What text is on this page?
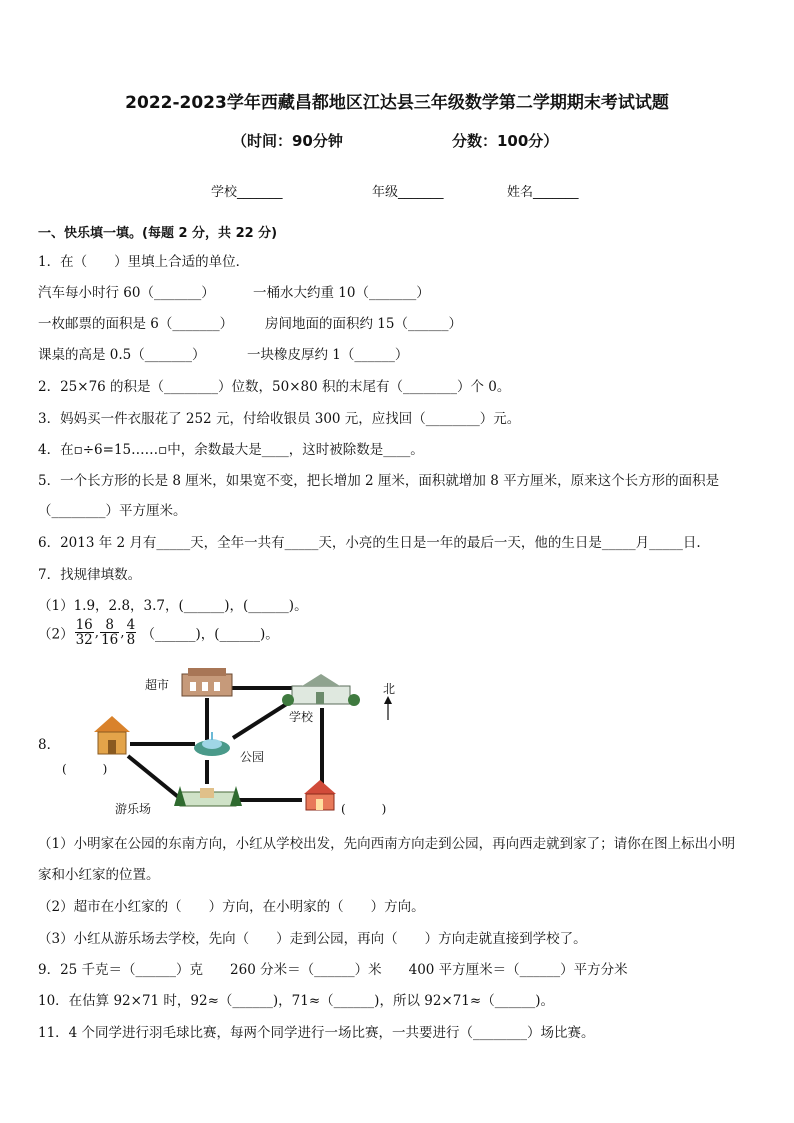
2022-2023学年西藏昌都地区江达县三年级数学第二学期期末考试试题
（时间：90分钟	分数：100分）
学校_______	年级_______	姓名_______
一、快乐填一填。(每题 2 分，共 22 分)
1．在（　　）里填上合适的单位．
汽车每小时行 60（_______）	一桶水大约重 10（_______）
一枚邮票的面积是 6（_______） 房间地面的面积约 15（______）
课桌的高是 0.5（_______）	一块橡皮厚约 1（______）
2．25×76 的积是（________）位数，50×80 积的末尾有（________）个 0。
3．妈妈买一件衣服花了 252 元，付给收银员 300 元，应找回（________）元。
4．在▫÷6=15……▫中，余数最大是____，这时被除数是____。
5．一个长方形的长是 8 厘米，如果宽不变，把长增加 2 厘米，面积就增加 8 平方厘米，原来这个长方形的面积是
（________）平方厘米。
6．2013 年 2 月有_____天，全年一共有_____天，小亮的生日是一年的最后一天，他的生日是_____月_____日.
7．找规律填数。
（1）1.9，2.8，3.7，(______)，(______)。
$(2) \frac{16}{32}$ , $\frac{8}{16}$ , $\frac{4}{8}$ （______)，(______)。
8．
超市
学校
公园
游乐场
北
(　　　)
(　　　)
（1）小明家在公园的东南方向，小红从学校出发，先向西南方向走到公园，再向西走就到家了；请你在图上标出小明
家和小红家的位置。
（2）超市在小红家的（　　）方向，在小明家的（　　）方向。
（3）小红从游乐场去学校，先向（　　）走到公园，再向（　　）方向走就直接到学校了。
9．25 千克＝（______）克　　260 分米＝（______）米　　400 平方厘米＝（______）平方分米
10．在估算 92×71 时，92≈（______)，71≈（______)，所以 92×71≈（______)。
11．4 个同学进行羽毛球比赛，每两个同学进行一场比赛，一共要进行（________）场比赛。
